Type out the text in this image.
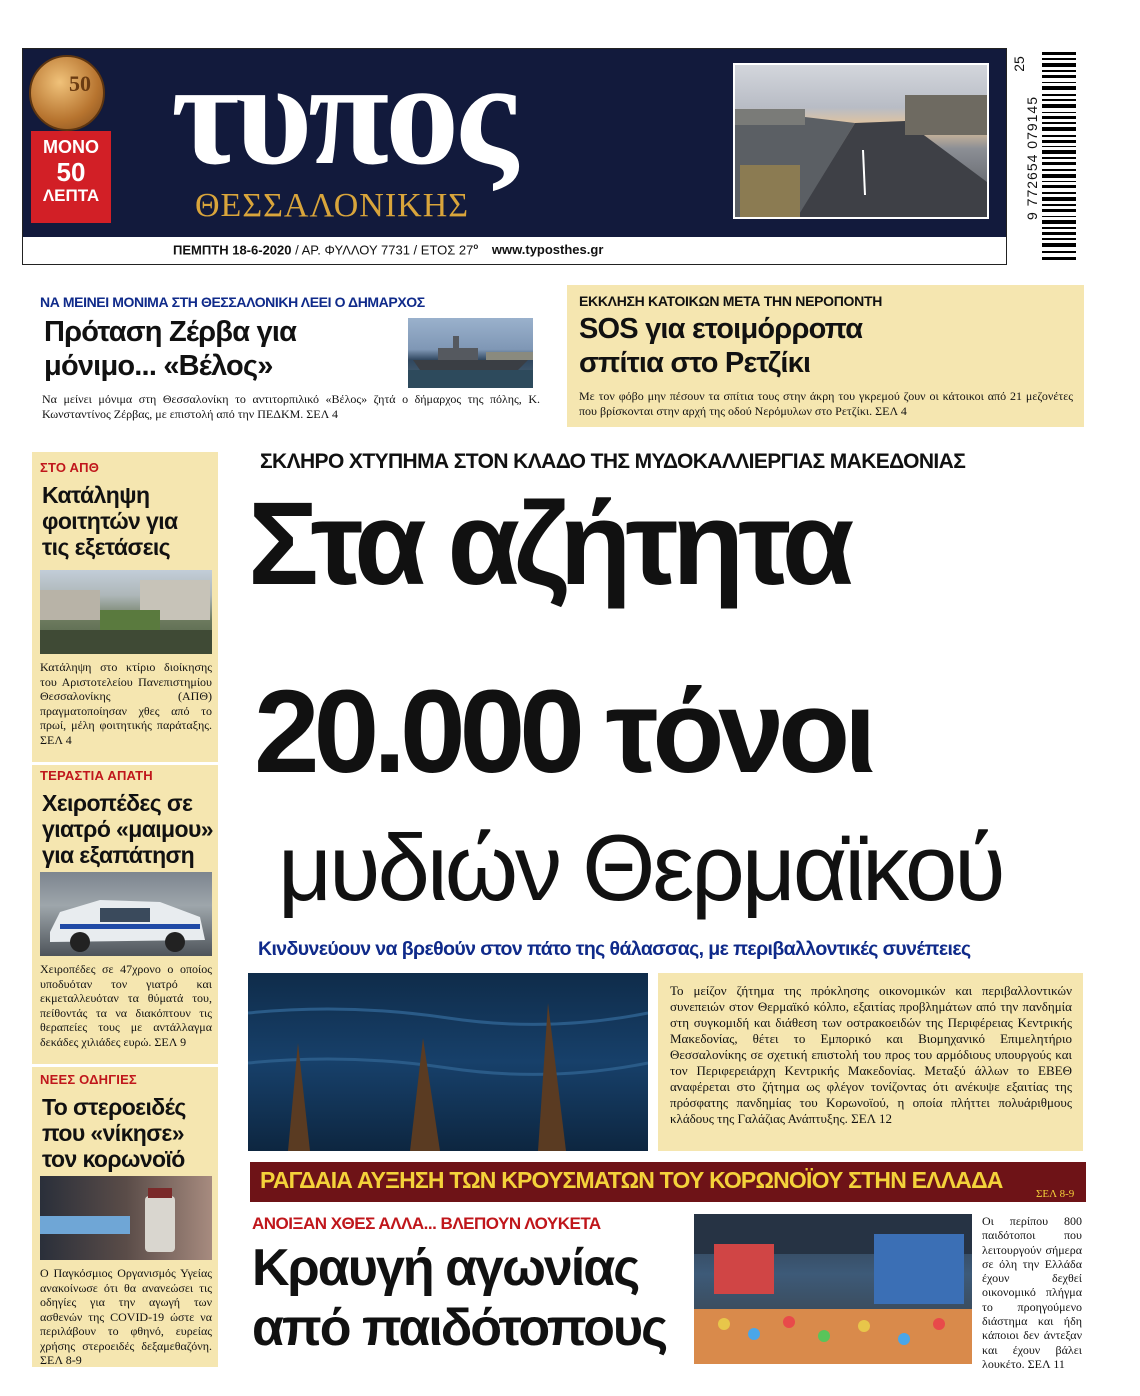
50
ΜΟΝΟ
50
ΛΕΠΤΑ τυπος
ΘΕΣΣΑΛΟΝΙΚΗΣ
ΠΕΜΠΤΗ 18-6-2020 / ΑΡ. ΦΥΛΛΟΥ 7731 / ΕΤΟΣ $27^o$ www.typosthes.gr
9 772654 079145
25
ΝΑ ΜΕΙΝΕΙ ΜΟΝΙΜΑ ΣΤΗ ΘΕΣΣΑΛΟΝΙΚΗ ΛΕΕΙ Ο ΔΗΜΑΡΧΟΣ
Πρόταση Ζέρβα για
μόνιμο... «Βέλος»
Να μείνει μόνιμα στη Θεσσαλονίκη το αντιτορπιλικό «Βέλος» ζητά ο δήμαρχος της πόλης, Κ. Κωνσταντίνος Ζέρβας, με επιστολή από την ΠΕΔΚΜ. ΣΕΛ 4
ΕΚΚΛΗΣΗ ΚΑΤΟΙΚΩΝ ΜΕΤΑ ΤΗΝ ΝΕΡΟΠΟΝΤΗ
SOS για ετοιμόρροπα
σπίτια στο Ρετζίκι
Με τον φόβο μην πέσουν τα σπίτια τους στην άκρη του γκρεμού ζουν οι κάτοικοι από 21 μεζονέτες που βρίσκονται στην αρχή της οδού Νερόμυλων στο Ρετζίκι. ΣΕΛ 4
ΣΤΟ ΑΠΘ
Κατάληψη
φοιτητών για
τις εξετάσεις
Κατάληψη στο κτίριο διοίκησης του Αριστοτελείου Πανεπιστημίου Θεσσαλονίκης (ΑΠΘ) πραγματοποίησαν χθες από το πρωί, μέλη φοιτητικής παράταξης. ΣΕΛ 4
ΤΕΡΑΣΤΙΑ ΑΠΑΤΗ
Χειροπέδες σε
γιατρό «μαιμου»
για εξαπάτηση
Χειροπέδες σε 47χρονο ο οποίος υποδυόταν τον γιατρό και εκμεταλλευόταν τα θύματά του, πείθοντάς τα να διακόπτουν τις θεραπείες τους με αντάλλαγμα δεκάδες χιλιάδες ευρώ. ΣΕΛ 9
ΝΕΕΣ ΟΔΗΓΙΕΣ
Το στεροειδές
που «νίκησε»
τον κορωνοϊό
Ο Παγκόσμιος Οργανισμός Υγείας ανακοίνωσε ότι θα ανανεώσει τις οδηγίες για την αγωγή των ασθενών της COVID-19 ώστε να περιλάβουν το φθηνό, ευρείας χρήσης στεροειδές δεξαμεθαζόνη. ΣΕΛ 8-9
ΣΚΛΗΡΟ ΧΤΥΠΗΜΑ ΣΤΟΝ ΚΛΑΔΟ ΤΗΣ ΜΥΔΟΚΑΛΛΙΕΡΓΙΑΣ ΜΑΚΕΔΟΝΙΑΣ
Στα αζήτητα
20.000 τόνοι
μυδιών Θερμαϊκού
Κινδυνεύουν να βρεθούν στον πάτο της θάλασσας, με περιβαλλοντικές συνέπειες
Το μείζον ζήτημα της πρόκλησης οικονομικών και περιβαλλοντικών συνεπειών στον Θερμαϊκό κόλπο, εξαιτίας προβλημάτων από την πανδημία στη συγκομιδή και διάθεση των οστρακοειδών της Περιφέρειας Κεντρικής Μακεδονίας, θέτει το Εμπορικό και Βιομηχανικό Επιμελητήριο Θεσσαλονίκης σε σχετική επιστολή του προς του αρμόδιους υπουργούς και τον Περιφερειάρχη Κεντρικής Μακεδονίας. Μεταξύ άλλων το ΕΒΕΘ αναφέρεται στο ζήτημα ως φλέγον τονίζοντας ότι ανέκυψε εξαιτίας της πρόσφατης πανδημίας του Κορωνοϊού, η οποία πλήττει πολυάριθμους κλάδους της Γαλάζιας Ανάπτυξης. ΣΕΛ 12
ΡΑΓΔΑΙΑ ΑΥΞΗΣΗ ΤΩΝ ΚΡΟΥΣΜΑΤΩΝ ΤΟΥ ΚΟΡΩΝΟΪΟΥ ΣΤΗΝ ΕΛΛΑΔΑ
ΣΕΛ 8-9
ΑΝΟΙΞΑΝ ΧΘΕΣ ΑΛΛΑ... ΒΛΕΠΟΥΝ ΛΟΥΚΕΤΑ
Κραυγή αγωνίας
από παιδότοπους
Οι περίπου 800 παιδότοποι που λειτουργούν σήμερα σε όλη την Ελλάδα έχουν δεχθεί οικονομικό πλήγμα το προηγούμενο διάστημα και ήδη κάποιοι δεν άντεξαν και έχουν βάλει λουκέτο. ΣΕΛ 11
